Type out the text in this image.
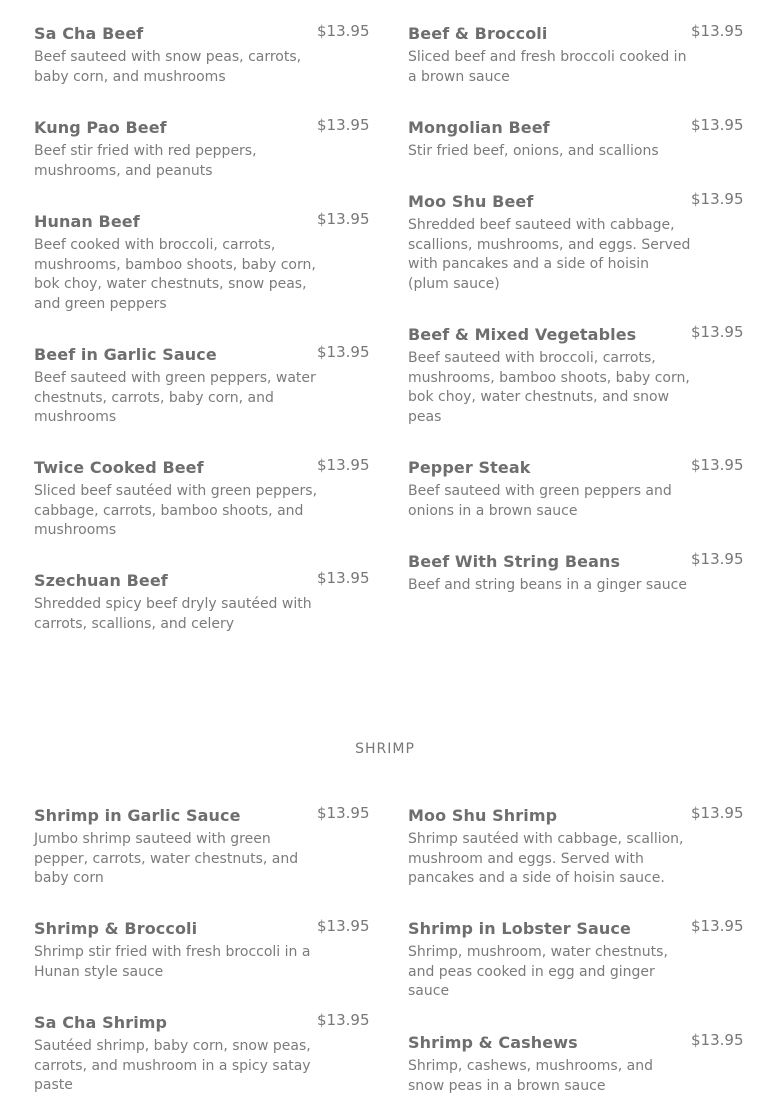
Sa Cha Beef	$13.95
Beef sauteed with snow peas, carrots, baby corn, and mushrooms
Kung Pao Beef	$13.95
Beef stir fried with red peppers, mushrooms, and peanuts
Hunan Beef	$13.95
Beef cooked with broccoli, carrots, mushrooms, bamboo shoots, baby corn, bok choy, water chestnuts, snow peas, and green peppers
Beef in Garlic Sauce	$13.95
Beef sauteed with green peppers, water chestnuts, carrots, baby corn, and mushrooms
Twice Cooked Beef	$13.95
Sliced beef sautéed with green peppers, cabbage, carrots, bamboo shoots, and mushrooms
Szechuan Beef	$13.95
Shredded spicy beef dryly sautéed with carrots, scallions, and celery
Beef & Broccoli	$13.95
Sliced beef and fresh broccoli cooked in a brown sauce
Mongolian Beef	$13.95
Stir fried beef, onions, and scallions
Moo Shu Beef	$13.95
Shredded beef sauteed with cabbage, scallions, mushrooms, and eggs. Served with pancakes and a side of hoisin (plum sauce)
Beef & Mixed Vegetables	$13.95
Beef sauteed with broccoli, carrots, mushrooms, bamboo shoots, baby corn, bok choy, water chestnuts, and snow peas
Pepper Steak	$13.95
Beef sauteed with green peppers and onions in a brown sauce
Beef With String Beans	$13.95
Beef and string beans in a ginger sauce
SHRIMP
Shrimp in Garlic Sauce	$13.95
Jumbo shrimp sauteed with green pepper, carrots, water chestnuts, and baby corn
Shrimp & Broccoli	$13.95
Shrimp stir fried with fresh broccoli in a Hunan style sauce
Sa Cha Shrimp	$13.95
Sautéed shrimp, baby corn, snow peas, carrots, and mushroom in a spicy satay paste
Moo Shu Shrimp	$13.95
Shrimp sautéed with cabbage, scallion, mushroom and eggs. Served with pancakes and a side of hoisin sauce.
Shrimp in Lobster Sauce	$13.95
Shrimp, mushroom, water chestnuts, and peas cooked in egg and ginger sauce
Shrimp & Cashews	$13.95
Shrimp, cashews, mushrooms, and snow peas in a brown sauce
